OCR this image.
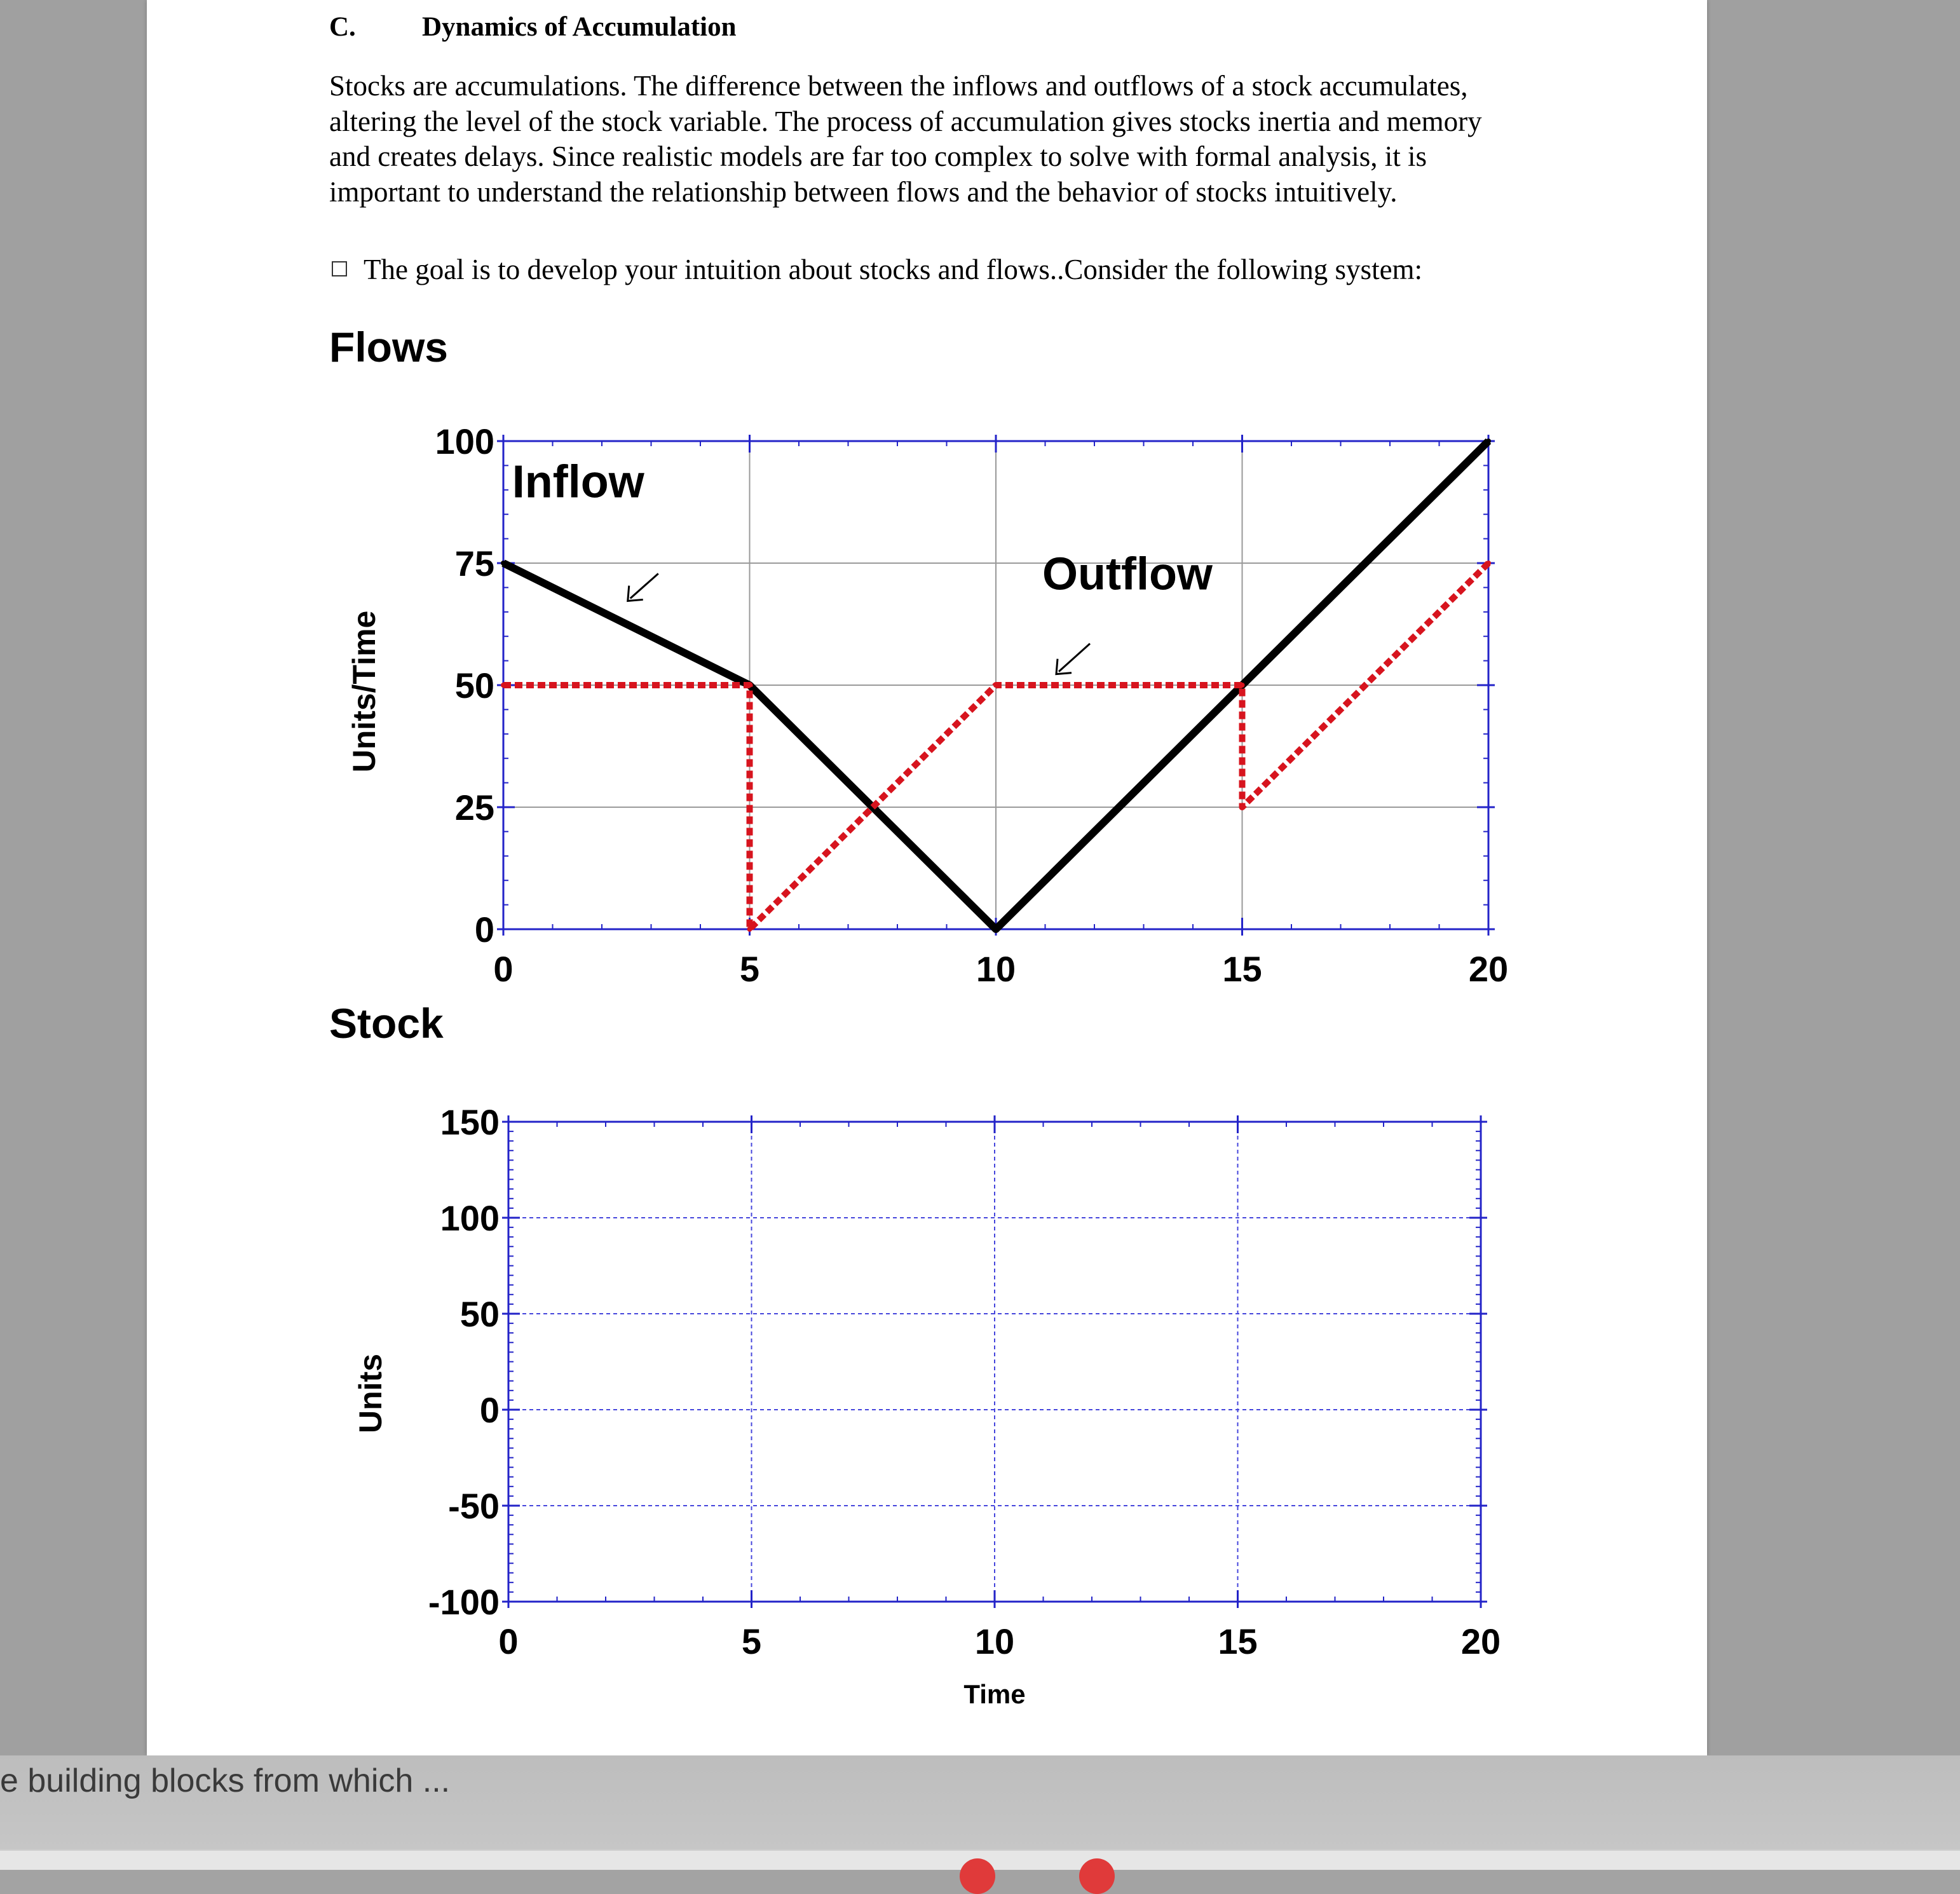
C. Dynamics of Accumulation
Stocks are accumulations. The difference between the inflows and outflows of a stock accumulates, altering the level of the stock variable. The process of accumulation gives stocks inertia and memory and creates delays. Since realistic models are far too complex to solve with formal analysis, it is important to understand the relationship between flows and the behavior of stocks intuitively.
The goal is to develop your intuition about stocks and flows..Consider the following system:
Flows
Stock
0	5	10	15	20
0
25
50
75
100
Units/Time
Inflow
Outflow
0	5	10	15	20
-100
-50
0
50
100
150
Units
Time
e building blocks from which ...
